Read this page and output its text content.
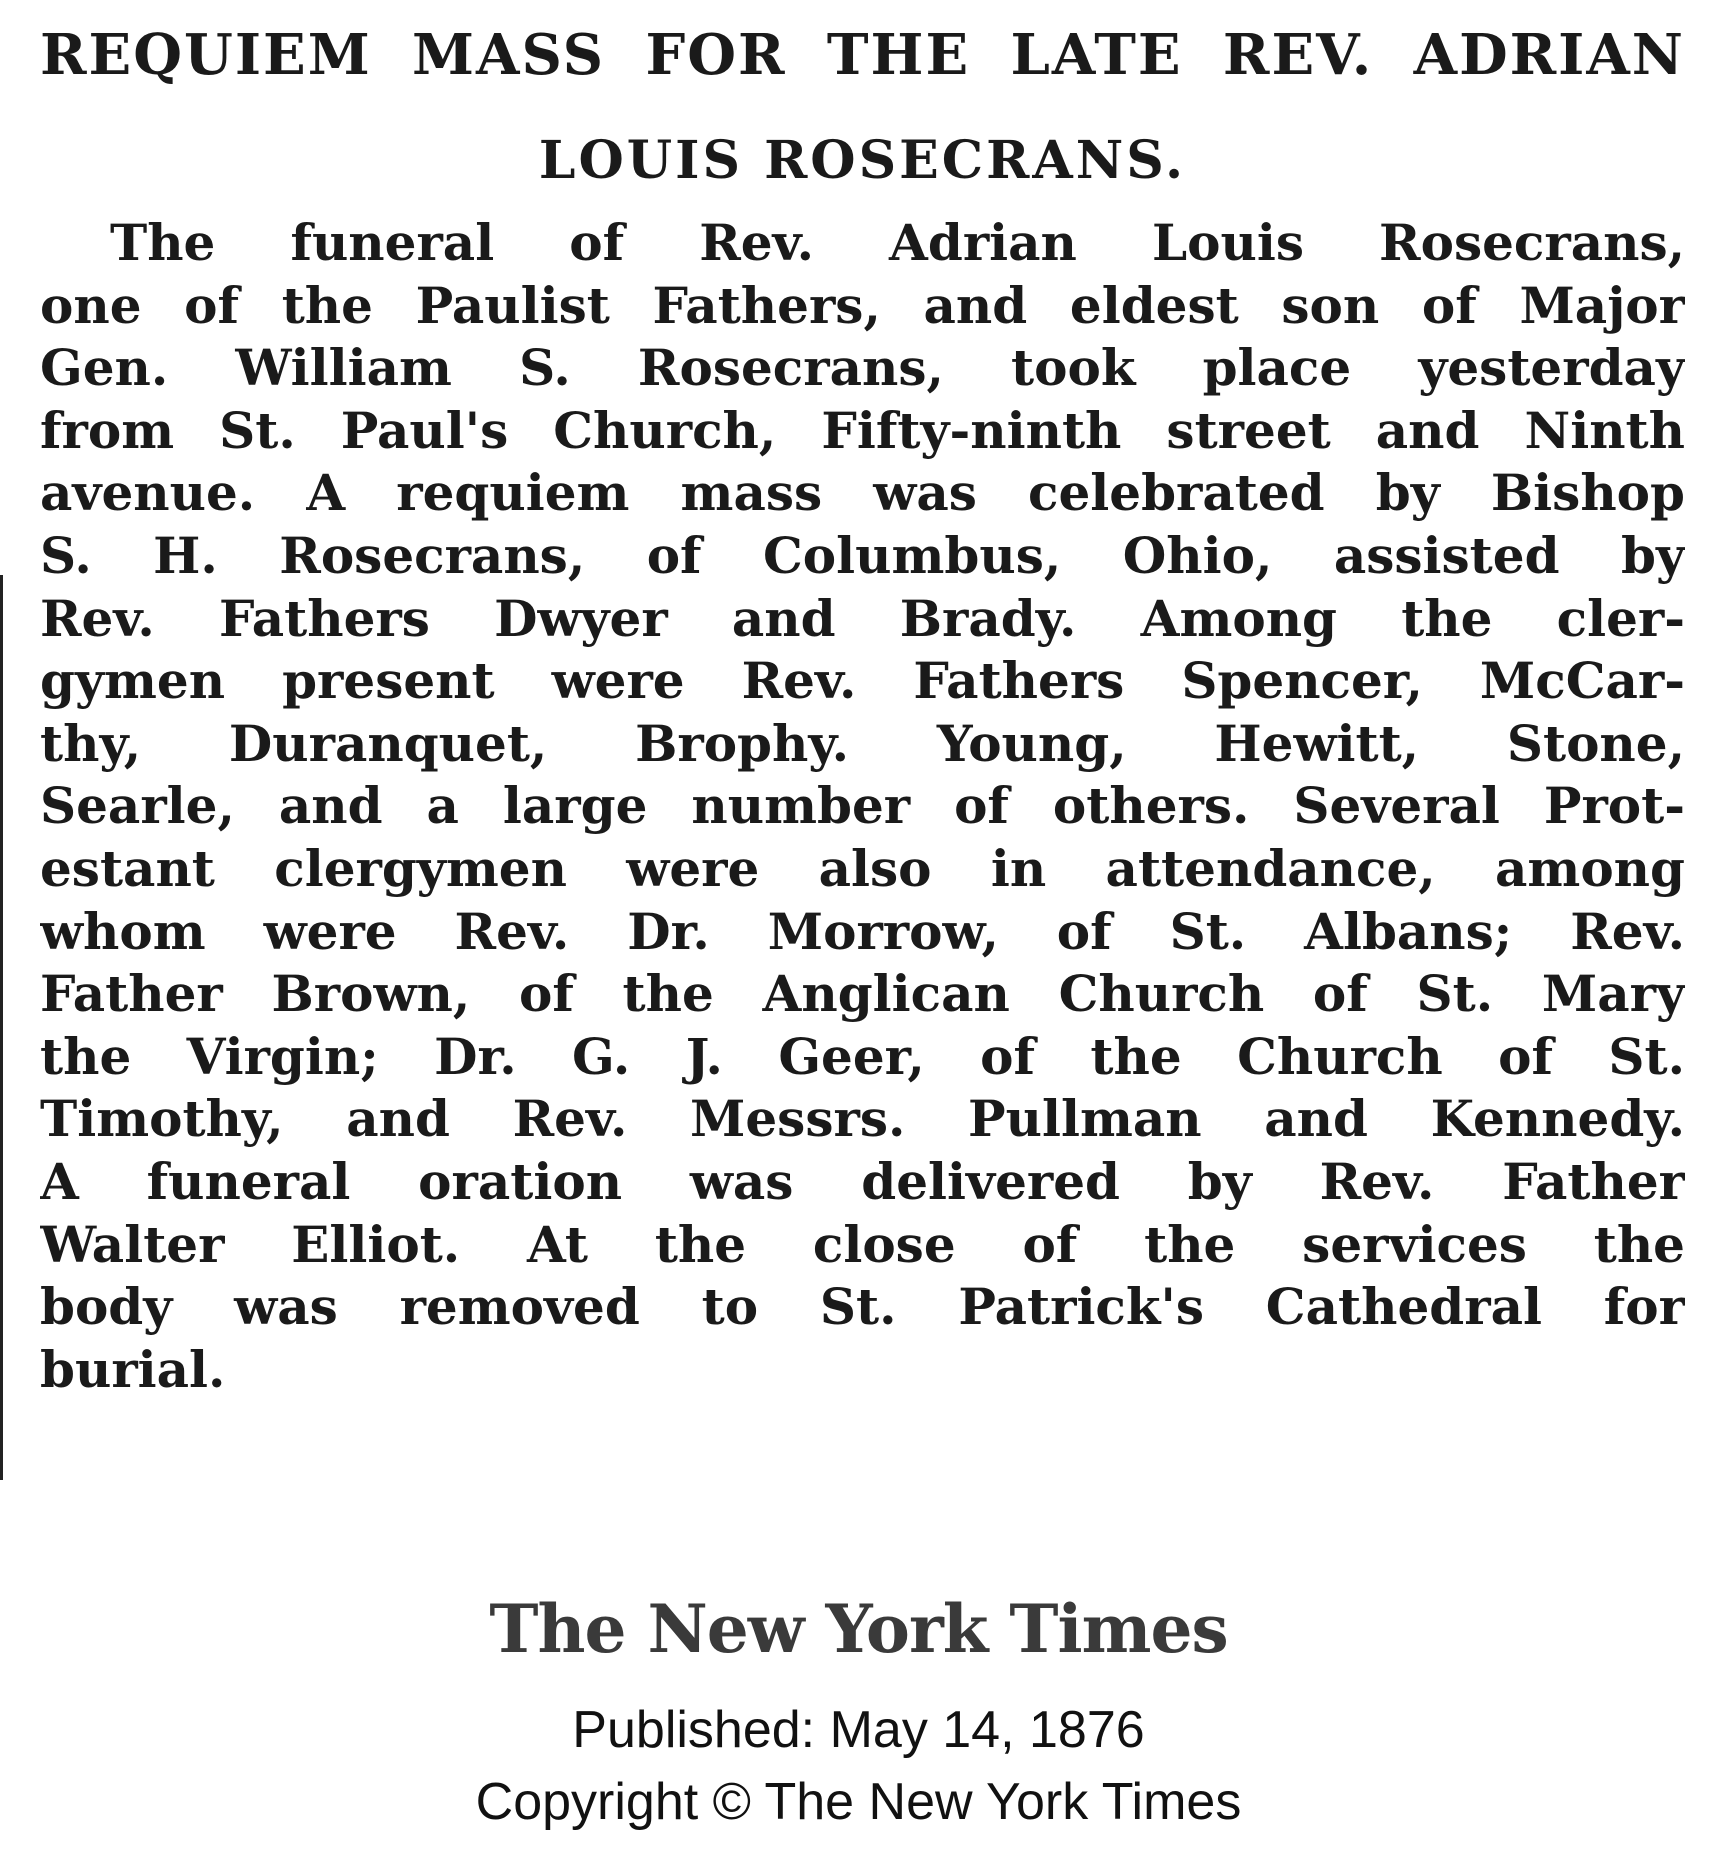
REQUIEM MASS FOR THE LATE REV. ADRIAN
LOUIS ROSECRANS.

The funeral of Rev. Adrian Louis Rosecrans,
one of the Paulist Fathers, and eldest son of Major
Gen. William S. Rosecrans, took place yesterday
from St. Paul's Church, Fifty-ninth street and Ninth
avenue. A requiem mass was celebrated by Bishop
S. H. Rosecrans, of Columbus, Ohio, assisted by
Rev. Fathers Dwyer and Brady. Among the cler-
gymen present were Rev. Fathers Spencer, McCar-
thy, Duranquet, Brophy. Young, Hewitt, Stone,
Searle, and a large number of others. Several Prot-
estant clergymen were also in attendance, among
whom were Rev. Dr. Morrow, of St. Albans; Rev.
Father Brown, of the Anglican Church of St. Mary
the Virgin; Dr. G. J. Geer, of the Church of St.
Timothy, and Rev. Messrs. Pullman and Kennedy.
A funeral oration was delivered by Rev. Father
Walter Elliot. At the close of the services the
body was removed to St. Patrick's Cathedral for
burial.

The New York Times
Published: May 14, 1876
Copyright © The New York Times
